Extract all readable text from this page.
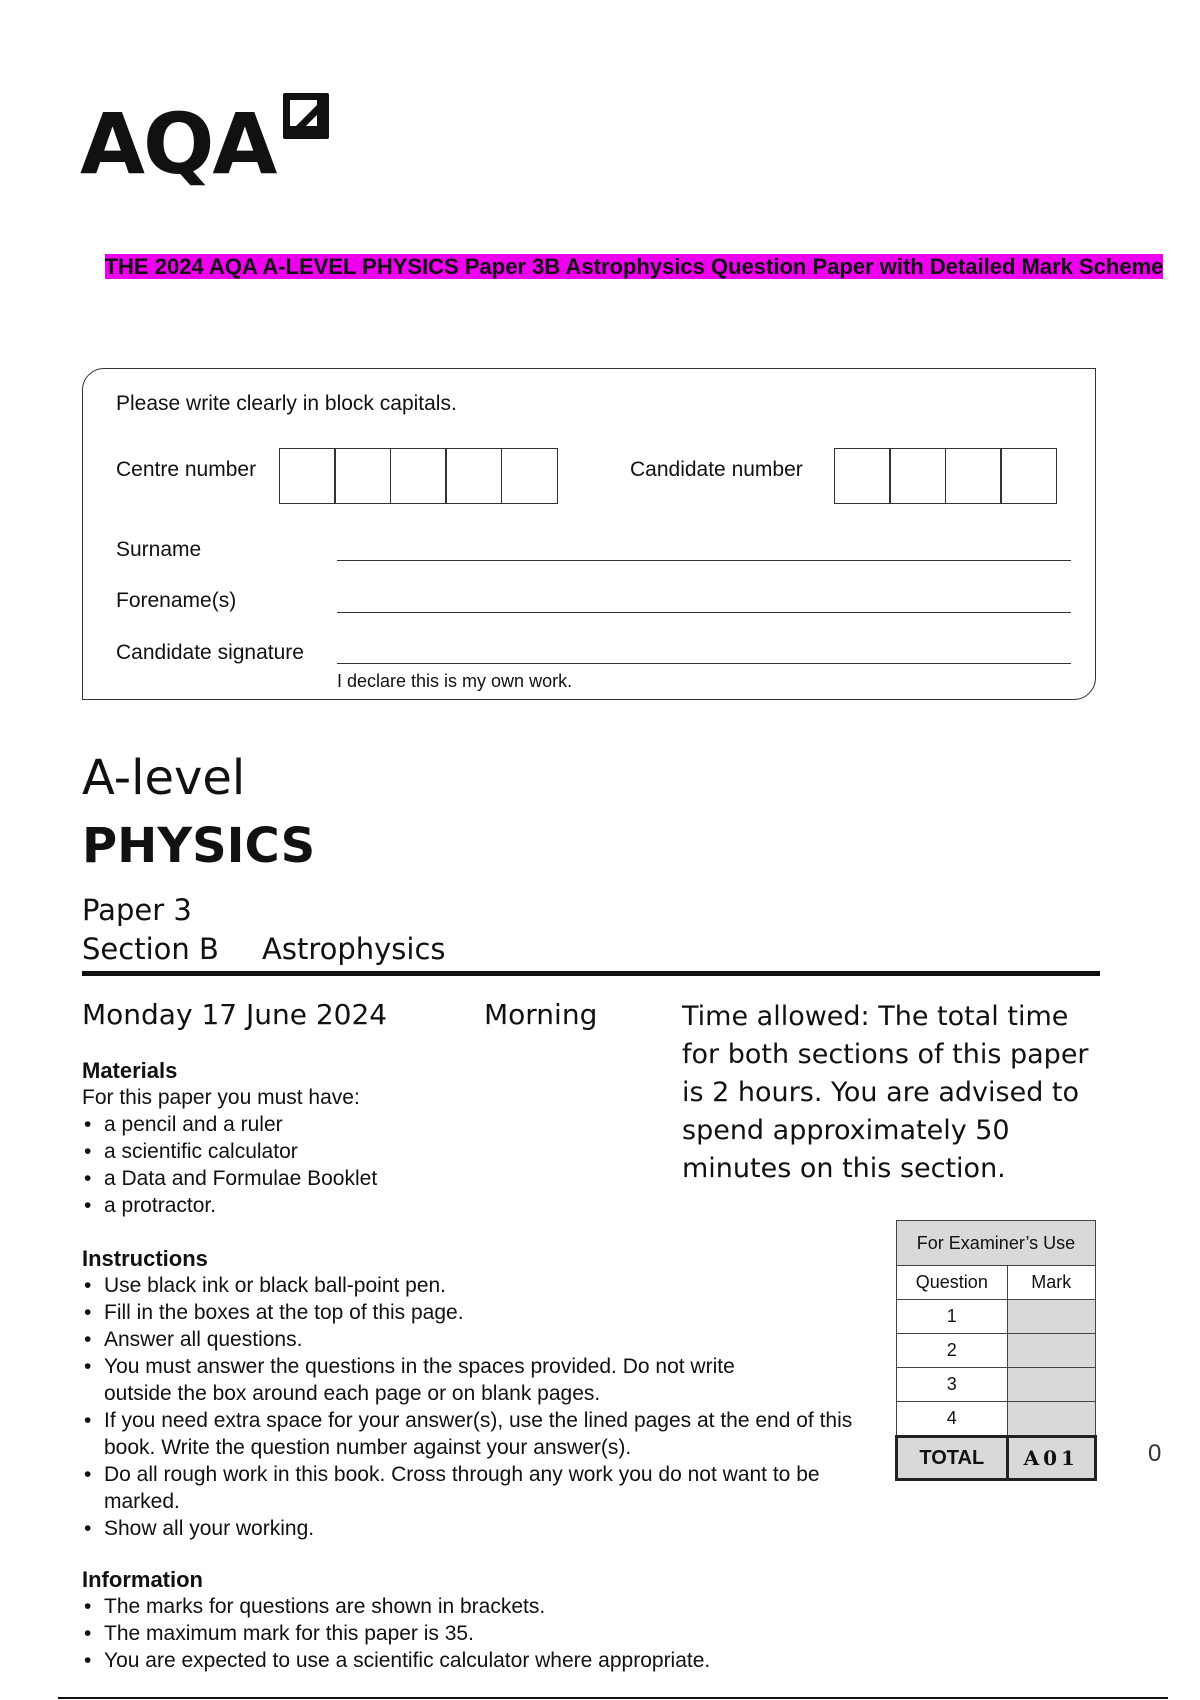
AQA
THE 2024 AQA A-LEVEL PHYSICS Paper 3B Astrophysics Question Paper with Detailed Mark Scheme
Please write clearly in block capitals.
Centre number	Candidate number
Surname
Forename(s)
Candidate signature
I declare this is my own work.
A-level
PHYSICS
Paper 3
Section B Astrophysics
Monday 17 June 2024	Morning	Time allowed: The total time for both sections of this paper is 2 hours. You are advised to spend approximately 50 minutes on this section.
Materials
For this paper you must have:
• a pencil and a ruler
• a scientific calculator
• a Data and Formulae Booklet
• a protractor.
Instructions
• Use black ink or black ball-point pen.
• Fill in the boxes at the top of this page.
• Answer all questions.
• You must answer the questions in the spaces provided. Do not write outside the box around each page or on blank pages.
• If you need extra space for your answer(s), use the lined pages at the end of this book. Write the question number against your answer(s).
• Do all rough work in this book. Cross through any work you do not want to be marked.
• Show all your working.
Information
• The marks for questions are shown in brackets.
• The maximum mark for this paper is 35.
• You are expected to use a scientific calculator where appropriate.
For Examiner’s Use	
Question	Mark
1	
2	
3	
4	
TOTAL	A01	0
